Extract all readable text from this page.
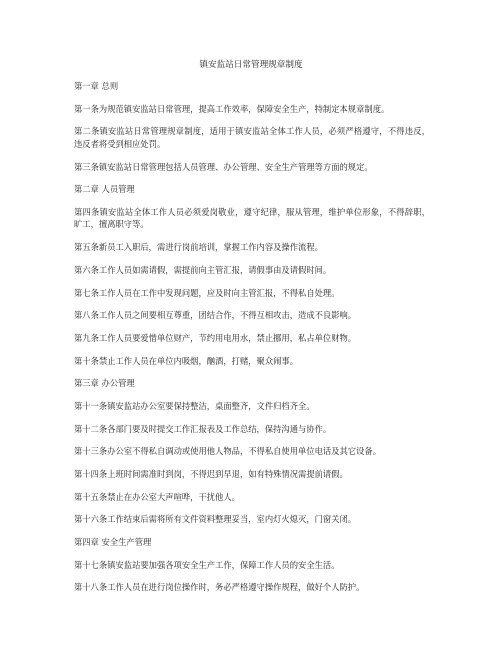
镇安监站日常管理规章制度

第一章 总则

第一条为规范镇安监站日常管理，提高工作效率，保障安全生产，特制定本规章制度。

第二条镇安监站日常管理规章制度，适用于镇安监站全体工作人员，必须严格遵守，不得违反，违反者将受到相应处罚。

第三条镇安监站日常管理包括人员管理、办公管理、安全生产管理等方面的规定。

第二章 人员管理

第四条镇安监站全体工作人员必须爱岗敬业，遵守纪律，服从管理，维护单位形象，不得辞职，旷工，擅离职守等。

第五条新员工入职后，需进行岗前培训，掌握工作内容及操作流程。

第六条工作人员如需请假，需提前向主管汇报，请假事由及请假时间。

第七条工作人员在工作中发现问题，应及时向主管汇报，不得私自处理。

第八条工作人员之间要相互尊重，团结合作，不得互相攻击，造成不良影响。

第九条工作人员要爱惜单位财产，节约用电用水，禁止挪用，私占单位财物。

第十条禁止工作人员在单位内吸烟，酗酒，打赌，聚众闹事。

第三章 办公管理

第十一条镇安监站办公室要保持整洁，桌面整齐，文件归档齐全。

第十二条各部门要及时提交工作汇报表及工作总结，保持沟通与协作。

第十三条办公室不得私自调动或使用他人物品，不得私自使用单位电话及其它设备。

第十四条上班时间需准时到岗，不得迟到早退，如有特殊情况需提前请假。

第十五条禁止在办公室大声喧哗，干扰他人。

第十六条工作结束后需将所有文件资料整理妥当，室内灯火熄灭，门窗关闭。

第四章 安全生产管理

第十七条镇安监站要加强各项安全生产工作，保障工作人员的安全生活。

第十八条工作人员在进行岗位操作时，务必严格遵守操作规程，做好个人防护。
